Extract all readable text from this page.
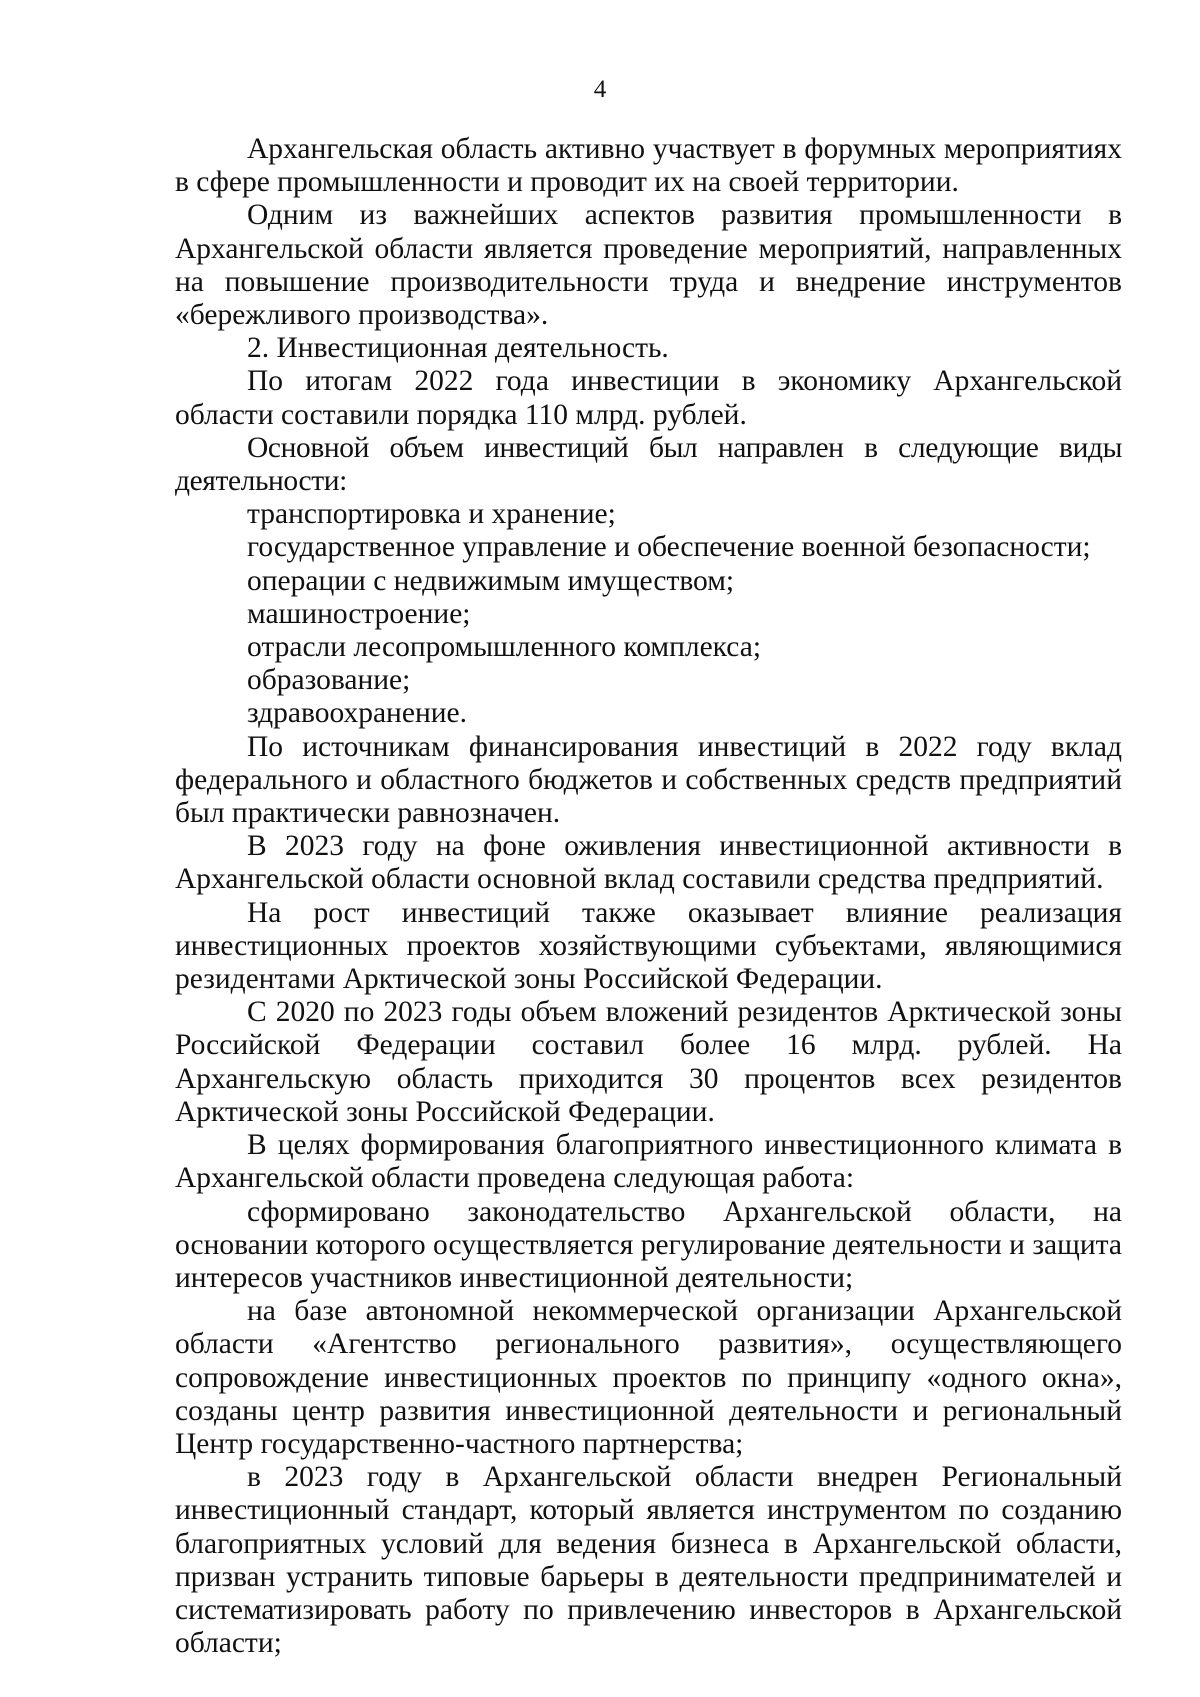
4

Архангельская область активно участвует в форумных мероприятиях в сфере промышленности и проводит их на своей территории.

Одним из важнейших аспектов развития промышленности в Архангельской области является проведение мероприятий, направленных на повышение производительности труда и внедрение инструментов «бережливого производства».

2. Инвестиционная деятельность.

По итогам 2022 года инвестиции в экономику Архангельской области составили порядка 110 млрд. рублей.

Основной объем инвестиций был направлен в следующие виды деятельности:

транспортировка и хранение;

государственное управление и обеспечение военной безопасности;

операции с недвижимым имуществом;

машиностроение;

отрасли лесопромышленного комплекса;

образование;

здравоохранение.

По источникам финансирования инвестиций в 2022 году вклад федерального и областного бюджетов и собственных средств предприятий был практически равнозначен.

В 2023 году на фоне оживления инвестиционной активности в Архангельской области основной вклад составили средства предприятий.

На рост инвестиций также оказывает влияние реализация инвестиционных проектов хозяйствующими субъектами, являющимися резидентами Арктической зоны Российской Федерации.

С 2020 по 2023 годы объем вложений резидентов Арктической зоны Российской Федерации составил более 16 млрд. рублей. На Архангельскую область приходится 30 процентов всех резидентов Арктической зоны Российской Федерации.

В целях формирования благоприятного инвестиционного климата в Архангельской области проведена следующая работа:

сформировано законодательство Архангельской области, на основании которого осуществляется регулирование деятельности и защита интересов участников инвестиционной деятельности;

на базе автономной некоммерческой организации Архангельской области «Агентство регионального развития», осуществляющего сопровождение инвестиционных проектов по принципу «одного окна», созданы центр развития инвестиционной деятельности и региональный Центр государственно-частного партнерства;

в 2023 году в Архангельской области внедрен Региональный инвестиционный стандарт, который является инструментом по созданию благоприятных условий для ведения бизнеса в Архангельской области, призван устранить типовые барьеры в деятельности предпринимателей и систематизировать работу по привлечению инвесторов в Архангельской области;
